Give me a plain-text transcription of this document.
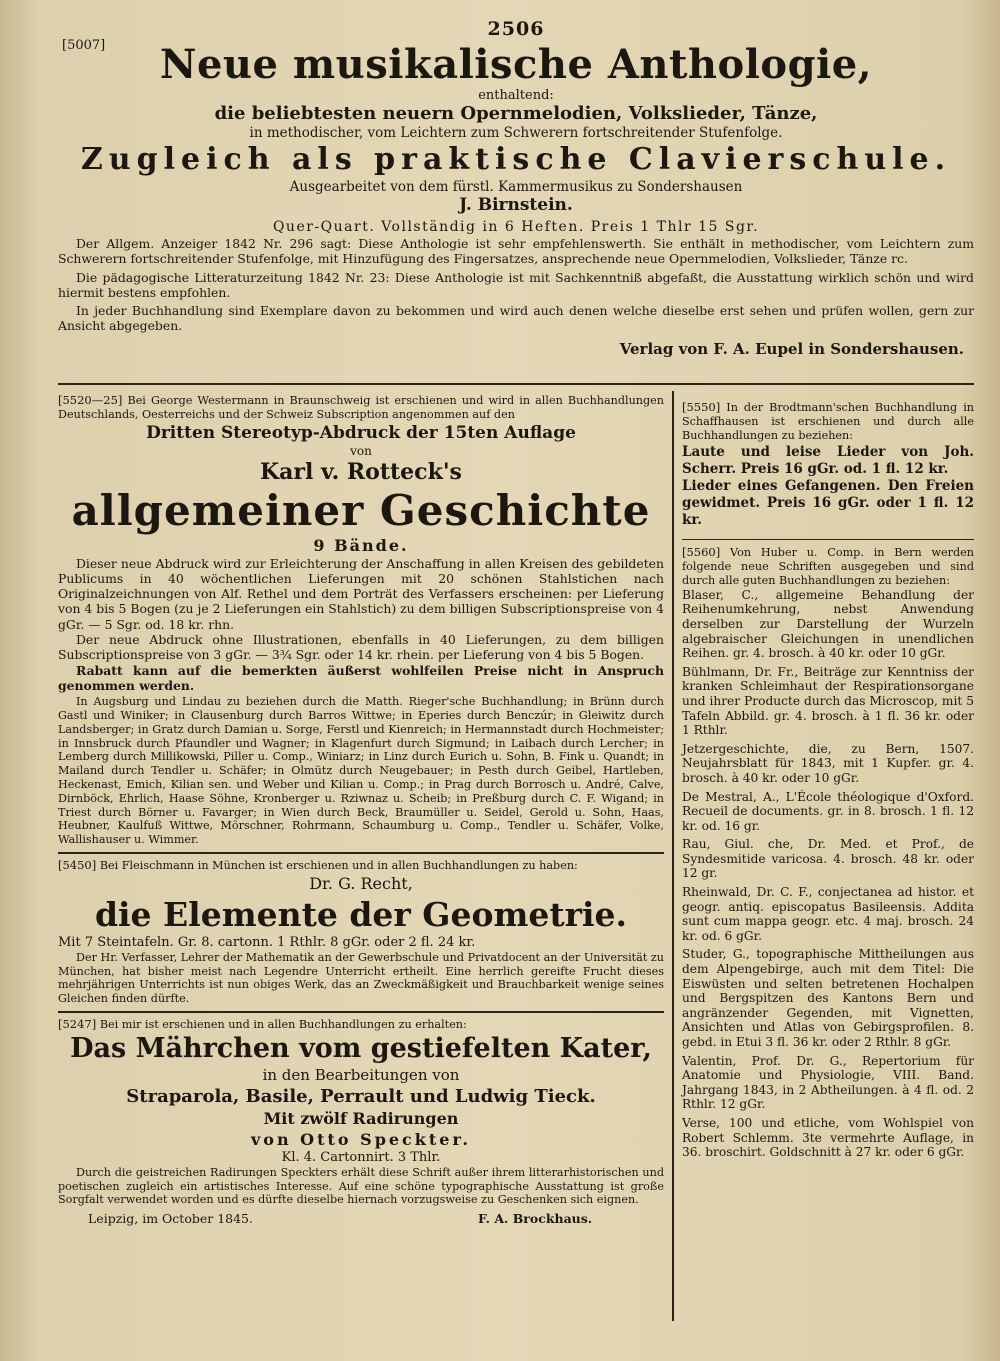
2506
[5007]	Neue musikalische Anthologie,
enthaltend:
die beliebtesten neuern Opernmelodien, Volkslieder, Tänze,
in methodischer, vom Leichtern zum Schwerern fortschreitender Stufenfolge.
Zugleich als praktische Clavierschule.
Ausgearbeitet von dem fürstl. Kammermusikus zu Sondershausen
J. Birnstein.
Quer-Quart. Vollständig in 6 Heften. Preis 1 Thlr 15 Sgr.

Der Allgem. Anzeiger 1842 Nr. 296 sagt: Diese Anthologie ist sehr empfehlenswerth. Sie enthält in methodischer, vom Leichtern zum Schwerern fortschreitender Stufenfolge, mit Hinzufügung des Fingersatzes, ansprechende neue Opernmelodien, Volkslieder, Tänze rc.

Die pädagogische Litteraturzeitung 1842 Nr. 23: Diese Anthologie ist mit Sachkenntniß abgefaßt, die Ausstattung wirklich schön und wird hiermit bestens empfohlen.

In jeder Buchhandlung sind Exemplare davon zu bekommen und wird auch denen welche dieselbe erst sehen und prüfen wollen, gern zur Ansicht abgegeben.

Verlag von F. A. Eupel in Sondershausen.

[5520—25] Bei George Westermann in Braunschweig ist erschienen und wird in allen Buchhandlungen Deutschlands, Oesterreichs und der Schweiz Subscription angenommen auf den

Dritten Stereotyp-Abdruck der 15ten Auflage
von
Karl v. Rotteck's
allgemeiner Geschichte
9 Bände.

Dieser neue Abdruck wird zur Erleichterung der Anschaffung in allen Kreisen des gebildeten Publicums in 40 wöchentlichen Lieferungen mit 20 schönen Stahlstichen nach Originalzeichnungen von Alf. Rethel und dem Porträt des Verfassers erscheinen: per Lieferung von 4 bis 5 Bogen (zu je 2 Lieferungen ein Stahlstich) zu dem billigen Subscriptionspreise von 4 gGr. — 5 Sgr. od. 18 kr. rhn.

Der neue Abdruck ohne Illustrationen, ebenfalls in 40 Lieferungen, zu dem billigen Subscriptionspreise von 3 gGr. — 3¾ Sgr. oder 14 kr. rhein. per Lieferung von 4 bis 5 Bogen.

Rabatt kann auf die bemerkten äußerst wohlfeilen Preise nicht in Anspruch genommen werden.

In Augsburg und Lindau zu beziehen durch die Matth. Rieger'sche Buchhandlung; in Brünn durch Gastl und Winiker; in Clausenburg durch Barros Wittwe; in Eperies durch Benczúr; in Gleiwitz durch Landsberger; in Gratz durch Damian u. Sorge, Ferstl und Kienreich; in Hermannstadt durch Hochmeister; in Innsbruck durch Pfaundler und Wagner; in Klagenfurt durch Sigmund; in Laibach durch Lercher; in Lemberg durch Millikowski, Piller u. Comp., Winiarz; in Linz durch Eurich u. Sohn, B. Fink u. Quandt; in Mailand durch Tendler u. Schäfer; in Olmütz durch Neugebauer; in Pesth durch Geibel, Hartleben, Heckenast, Emich, Kilian sen. und Weber und Kilian u. Comp.; in Prag durch Borrosch u. André, Calve, Dirnböck, Ehrlich, Haase Söhne, Kronberger u. Rziwnaz u. Scheib; in Preßburg durch C. F. Wigand; in Triest durch Börner u. Favarger; in Wien durch Beck, Braumüller u. Seidel, Gerold u. Sohn, Haas, Heubner, Kaulfuß Wittwe, Mörschner, Rohrmann, Schaumburg u. Comp., Tendler u. Schäfer, Volke, Wallishauser u. Wimmer.

[5450] Bei Fleischmann in München ist erschienen und in allen Buchhandlungen zu haben:

Dr. G. Recht,
die Elemente der Geometrie.

Mit 7 Steintafeln. Gr. 8. cartonn. 1 Rthlr. 8 gGr. oder 2 fl. 24 kr.

Der Hr. Verfasser, Lehrer der Mathematik an der Gewerbschule und Privatdocent an der Universität zu München, hat bisher meist nach Legendre Unterricht ertheilt. Eine herrlich gereifte Frucht dieses mehrjährigen Unterrichts ist nun obiges Werk, das an Zweckmäßigkeit und Brauchbarkeit wenige seines Gleichen finden dürfte.

[5247] Bei mir ist erschienen und in allen Buchhandlungen zu erhalten:

Das Mährchen vom gestiefelten Kater,
in den Bearbeitungen von
Straparola, Basile, Perrault und Ludwig Tieck.
Mit zwölf Radirungen
von Otto Speckter.
Kl. 4. Cartonnirt. 3 Thlr.

Durch die geistreichen Radirungen Speckters erhält diese Schrift außer ihrem litterarhistorischen und poetischen zugleich ein artistisches Interesse. Auf eine schöne typographische Ausstattung ist große Sorgfalt verwendet worden und es dürfte dieselbe hiernach vorzugsweise zu Geschenken sich eignen.

Leipzig, im October 1845.	F. A. Brockhaus.

[5550] In der Brodtmann'schen Buchhandlung in Schaffhausen ist erschienen und durch alle Buchhandlungen zu beziehen:

Laute und leise Lieder von Joh. Scherr. Preis 16 gGr. od. 1 fl. 12 kr.

Lieder eines Gefangenen. Den Freien gewidmet. Preis 16 gGr. oder 1 fl. 12 kr.

[5560] Von Huber u. Comp. in Bern werden folgende neue Schriften ausgegeben und sind durch alle guten Buchhandlungen zu beziehen:

Blaser, C., allgemeine Behandlung der Reihenumkehrung, nebst Anwendung derselben zur Darstellung der Wurzeln algebraischer Gleichungen in unendlichen Reihen. gr. 4. brosch. à 40 kr. oder 10 gGr.

Bühlmann, Dr. Fr., Beiträge zur Kenntniss der kranken Schleimhaut der Respirationsorgane und ihrer Producte durch das Microscop, mit 5 Tafeln Abbild. gr. 4. brosch. à 1 fl. 36 kr. oder 1 Rthlr.

Jetzergeschichte, die, zu Bern, 1507. Neujahrsblatt für 1843, mit 1 Kupfer. gr. 4. brosch. à 40 kr. oder 10 gGr.

De Mestral, A., L'École théologique d'Oxford. Recueil de documents. gr. in 8. brosch. 1 fl. 12 kr. od. 16 gr.

Rau, Giul. che, Dr. Med. et Prof., de Syndesmitide varicosa. 4. brosch. 48 kr. oder 12 gr.

Rheinwald, Dr. C. F., conjectanea ad histor. et geogr. antiq. episcopatus Basileensis. Addita sunt cum mappa geogr. etc. 4 maj. brosch. 24 kr. od. 6 gGr.

Studer, G., topographische Mittheilungen aus dem Alpengebirge, auch mit dem Titel: Die Eiswüsten und selten betretenen Hochalpen und Bergspitzen des Kantons Bern und angränzender Gegenden, mit Vignetten, Ansichten und Atlas von Gebirgsprofilen. 8. gebd. in Etui 3 fl. 36 kr. oder 2 Rthlr. 8 gGr.

Valentin, Prof. Dr. G., Repertorium für Anatomie und Physiologie, VIII. Band. Jahrgang 1843, in 2 Abtheilungen. à 4 fl. od. 2 Rthlr. 12 gGr.

Verse, 100 und etliche, vom Wohlspiel von Robert Schlemm. 3te vermehrte Auflage, in 36. broschirt. Goldschnitt à 27 kr. oder 6 gGr.
